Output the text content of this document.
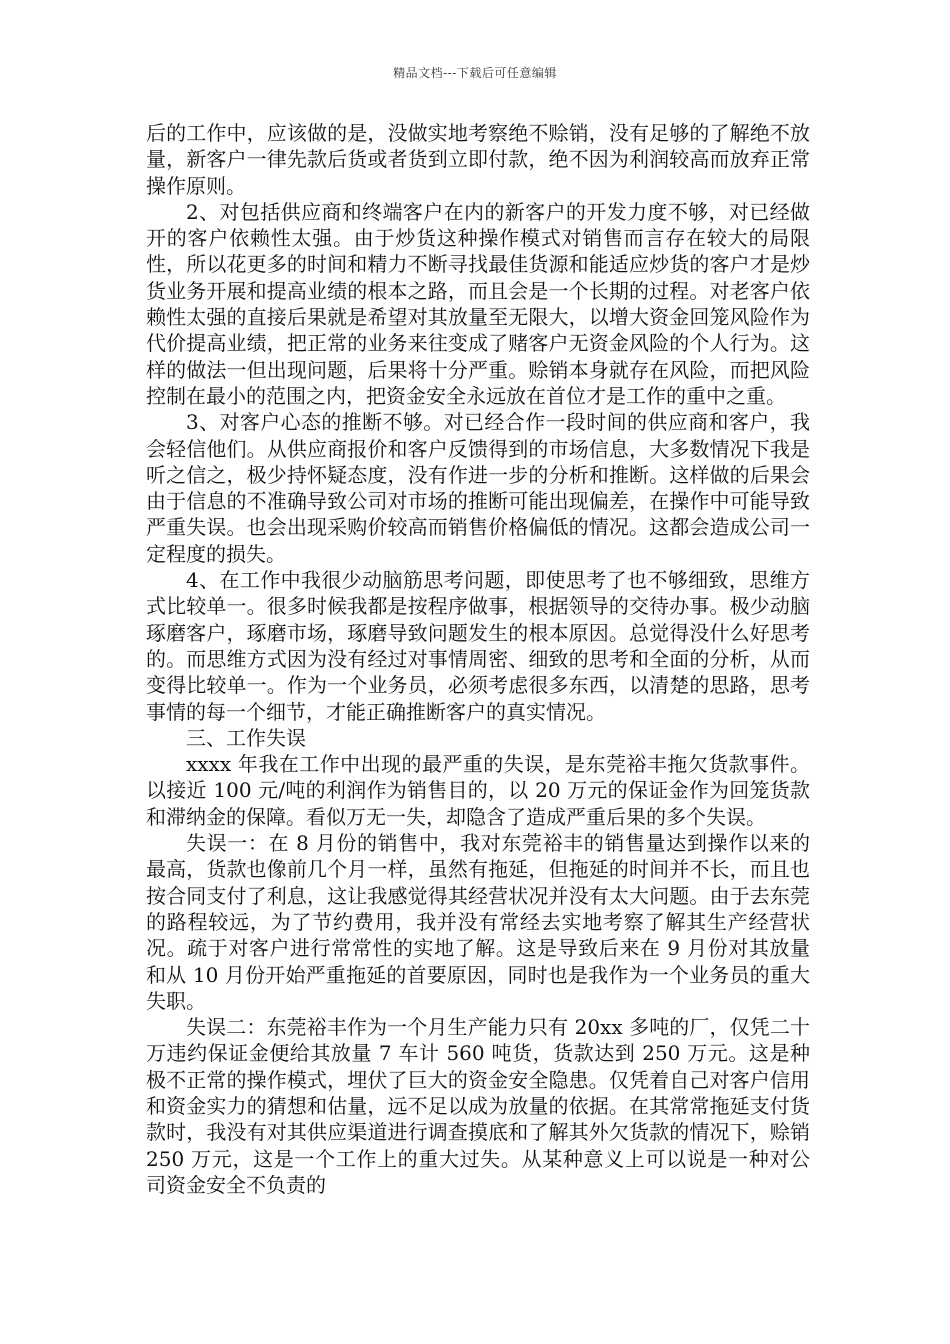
精品文档---下载后可任意编辑

后的工作中，应该做的是，没做实地考察绝不赊销，没有足够的了解绝不放量，新客户一律先款后货或者货到立即付款，绝不因为利润较高而放弃正常操作原则。

2、对包括供应商和终端客户在内的新客户的开发力度不够，对已经做开的客户依赖性太强。由于炒货这种操作模式对销售而言存在较大的局限性，所以花更多的时间和精力不断寻找最佳货源和能适应炒货的客户才是炒货业务开展和提高业绩的根本之路，而且会是一个长期的过程。对老客户依赖性太强的直接后果就是希望对其放量至无限大，以增大资金回笼风险作为代价提高业绩，把正常的业务来往变成了赌客户无资金风险的个人行为。这样的做法一但出现问题，后果将十分严重。赊销本身就存在风险，而把风险控制在最小的范围之内，把资金安全永远放在首位才是工作的重中之重。

3、对客户心态的推断不够。对已经合作一段时间的供应商和客户，我会轻信他们。从供应商报价和客户反馈得到的市场信息，大多数情况下我是听之信之，极少持怀疑态度，没有作进一步的分析和推断。这样做的后果会由于信息的不准确导致公司对市场的推断可能出现偏差，在操作中可能导致严重失误。也会出现采购价较高而销售价格偏低的情况。这都会造成公司一定程度的损失。

4、在工作中我很少动脑筋思考问题，即使思考了也不够细致，思维方式比较单一。很多时候我都是按程序做事，根据领导的交待办事。极少动脑琢磨客户，琢磨市场，琢磨导致问题发生的根本原因。总觉得没什么好思考的。而思维方式因为没有经过对事情周密、细致的思考和全面的分析，从而变得比较单一。作为一个业务员，必须考虑很多东西，以清楚的思路，思考事情的每一个细节，才能正确推断客户的真实情况。

三、工作失误

xxxx 年我在工作中出现的最严重的失误，是东莞裕丰拖欠货款事件。以接近 100 元/吨的利润作为销售目的，以 20 万元的保证金作为回笼货款和滞纳金的保障。看似万无一失，却隐含了造成严重后果的多个失误。

失误一：在 8 月份的销售中，我对东莞裕丰的销售量达到操作以来的最高，货款也像前几个月一样，虽然有拖延，但拖延的时间并不长，而且也按合同支付了利息，这让我感觉得其经营状况并没有太大问题。由于去东莞的路程较远，为了节约费用，我并没有常经去实地考察了解其生产经营状况。疏于对客户进行常常性的实地了解。这是导致后来在 9 月份对其放量和从 10 月份开始严重拖延的首要原因，同时也是我作为一个业务员的重大失职。

失误二：东莞裕丰作为一个月生产能力只有 20xx 多吨的厂，仅凭二十万违约保证金便给其放量 7 车计 560 吨货，货款达到 250 万元。这是种极不正常的操作模式，埋伏了巨大的资金安全隐患。仅凭着自己对客户信用和资金实力的猜想和估量，远不足以成为放量的依据。在其常常拖延支付货款时，我没有对其供应渠道进行调查摸底和了解其外欠货款的情况下，赊销 250 万元，这是一个工作上的重大过失。从某种意义上可以说是一种对公司资金安全不负责的
